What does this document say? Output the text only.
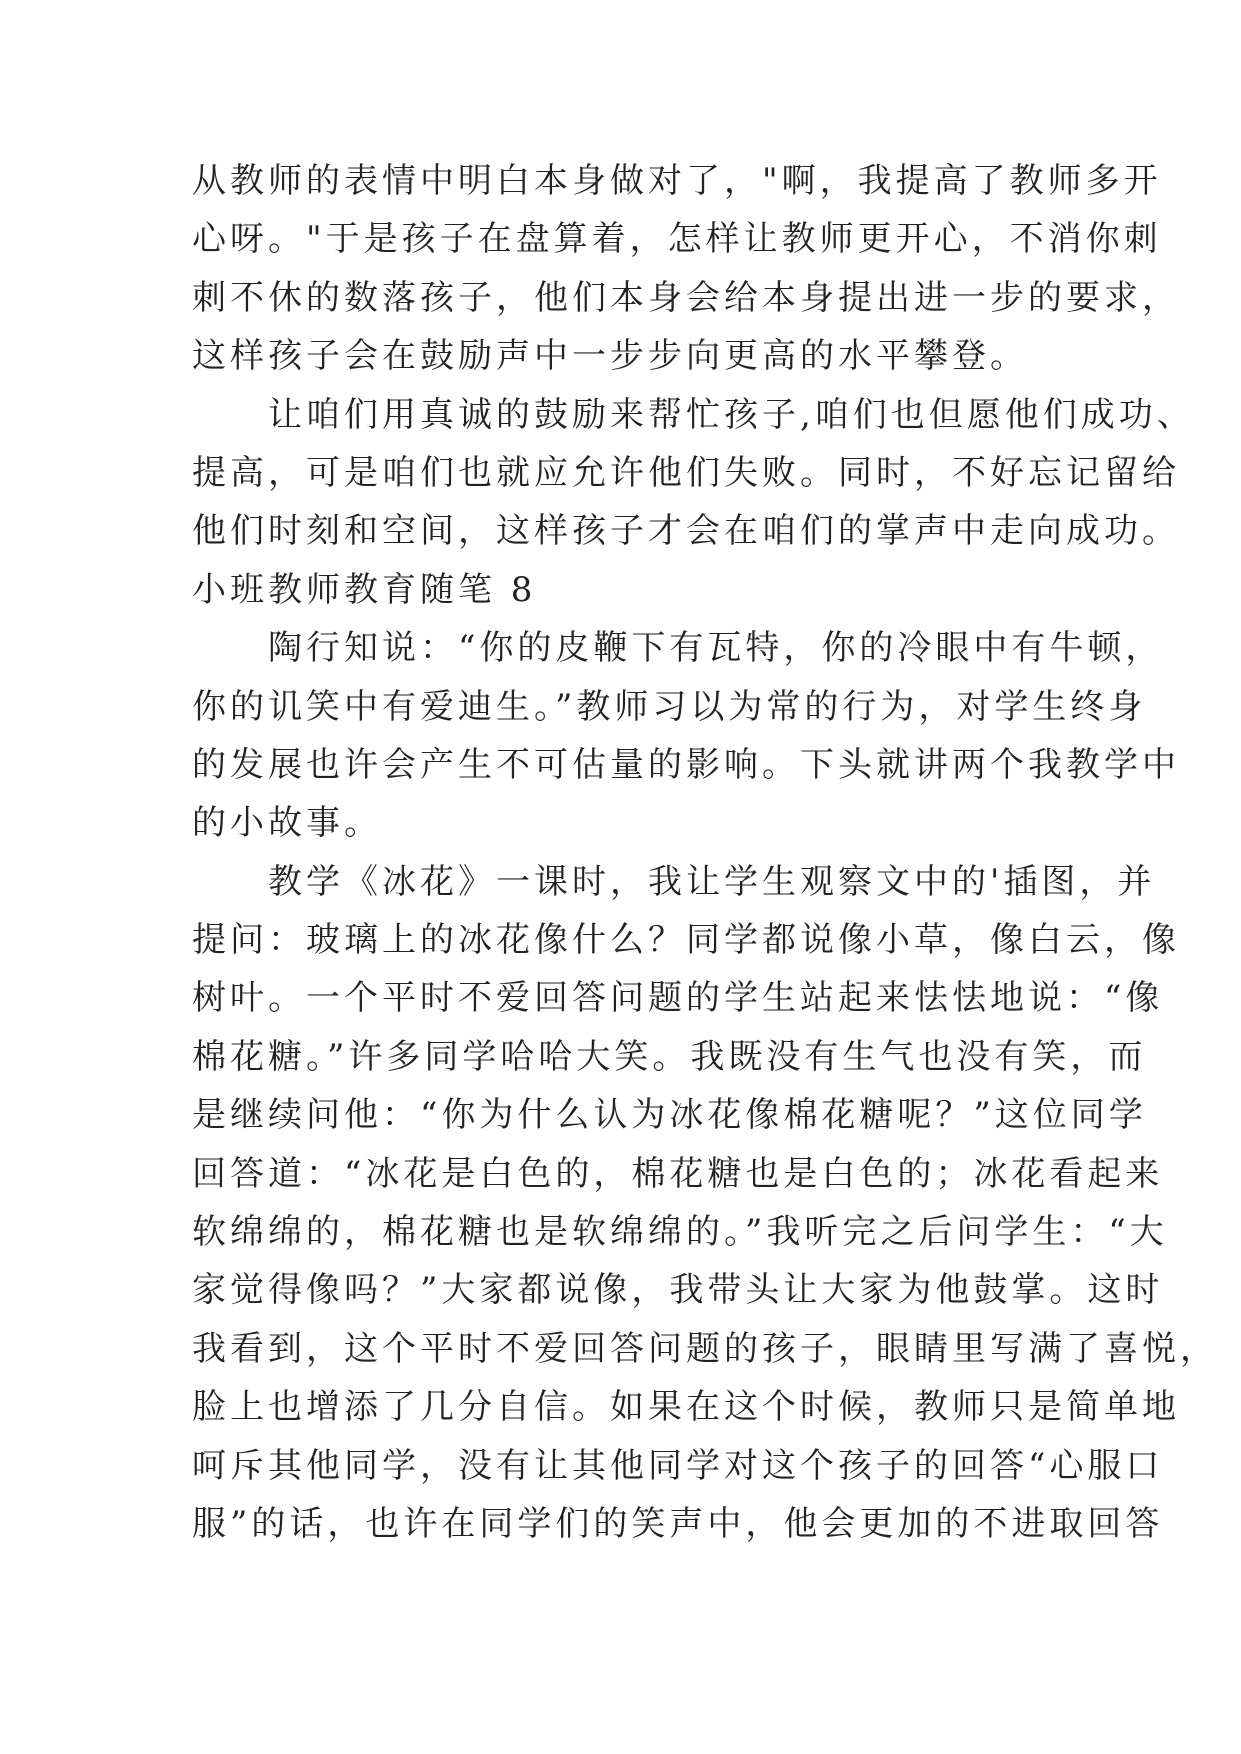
从教师的表情中明白本身做对了，"啊，我提高了教师多开
心呀。"于是孩子在盘算着，怎样让教师更开心，不消你刺
刺不休的数落孩子，他们本身会给本身提出进一步的要求，
这样孩子会在鼓励声中一步步向更高的水平攀登。
让咱们用真诚的鼓励来帮忙孩子,咱们也但愿他们成功、
提高，可是咱们也就应允许他们失败。同时，不好忘记留给
他们时刻和空间，这样孩子才会在咱们的掌声中走向成功。
小班教师教育随笔 8
陶行知说：“你的皮鞭下有瓦特，你的冷眼中有牛顿，
你的讥笑中有爱迪生。”教师习以为常的行为，对学生终身
的发展也许会产生不可估量的影响。下头就讲两个我教学中
的小故事。
教学《冰花》一课时，我让学生观察文中的'插图，并
提问：玻璃上的冰花像什么？同学都说像小草，像白云，像
树叶。一个平时不爱回答问题的学生站起来怯怯地说：“像
棉花糖。”许多同学哈哈大笑。我既没有生气也没有笑，而
是继续问他：“你为什么认为冰花像棉花糖呢？”这位同学
回答道：“冰花是白色的，棉花糖也是白色的；冰花看起来
软绵绵的，棉花糖也是软绵绵的。”我听完之后问学生：“大
家觉得像吗？”大家都说像，我带头让大家为他鼓掌。这时
我看到，这个平时不爱回答问题的孩子，眼睛里写满了喜悦，
脸上也增添了几分自信。如果在这个时候，教师只是简单地
呵斥其他同学，没有让其他同学对这个孩子的回答“心服口
服”的话，也许在同学们的笑声中，他会更加的不进取回答
